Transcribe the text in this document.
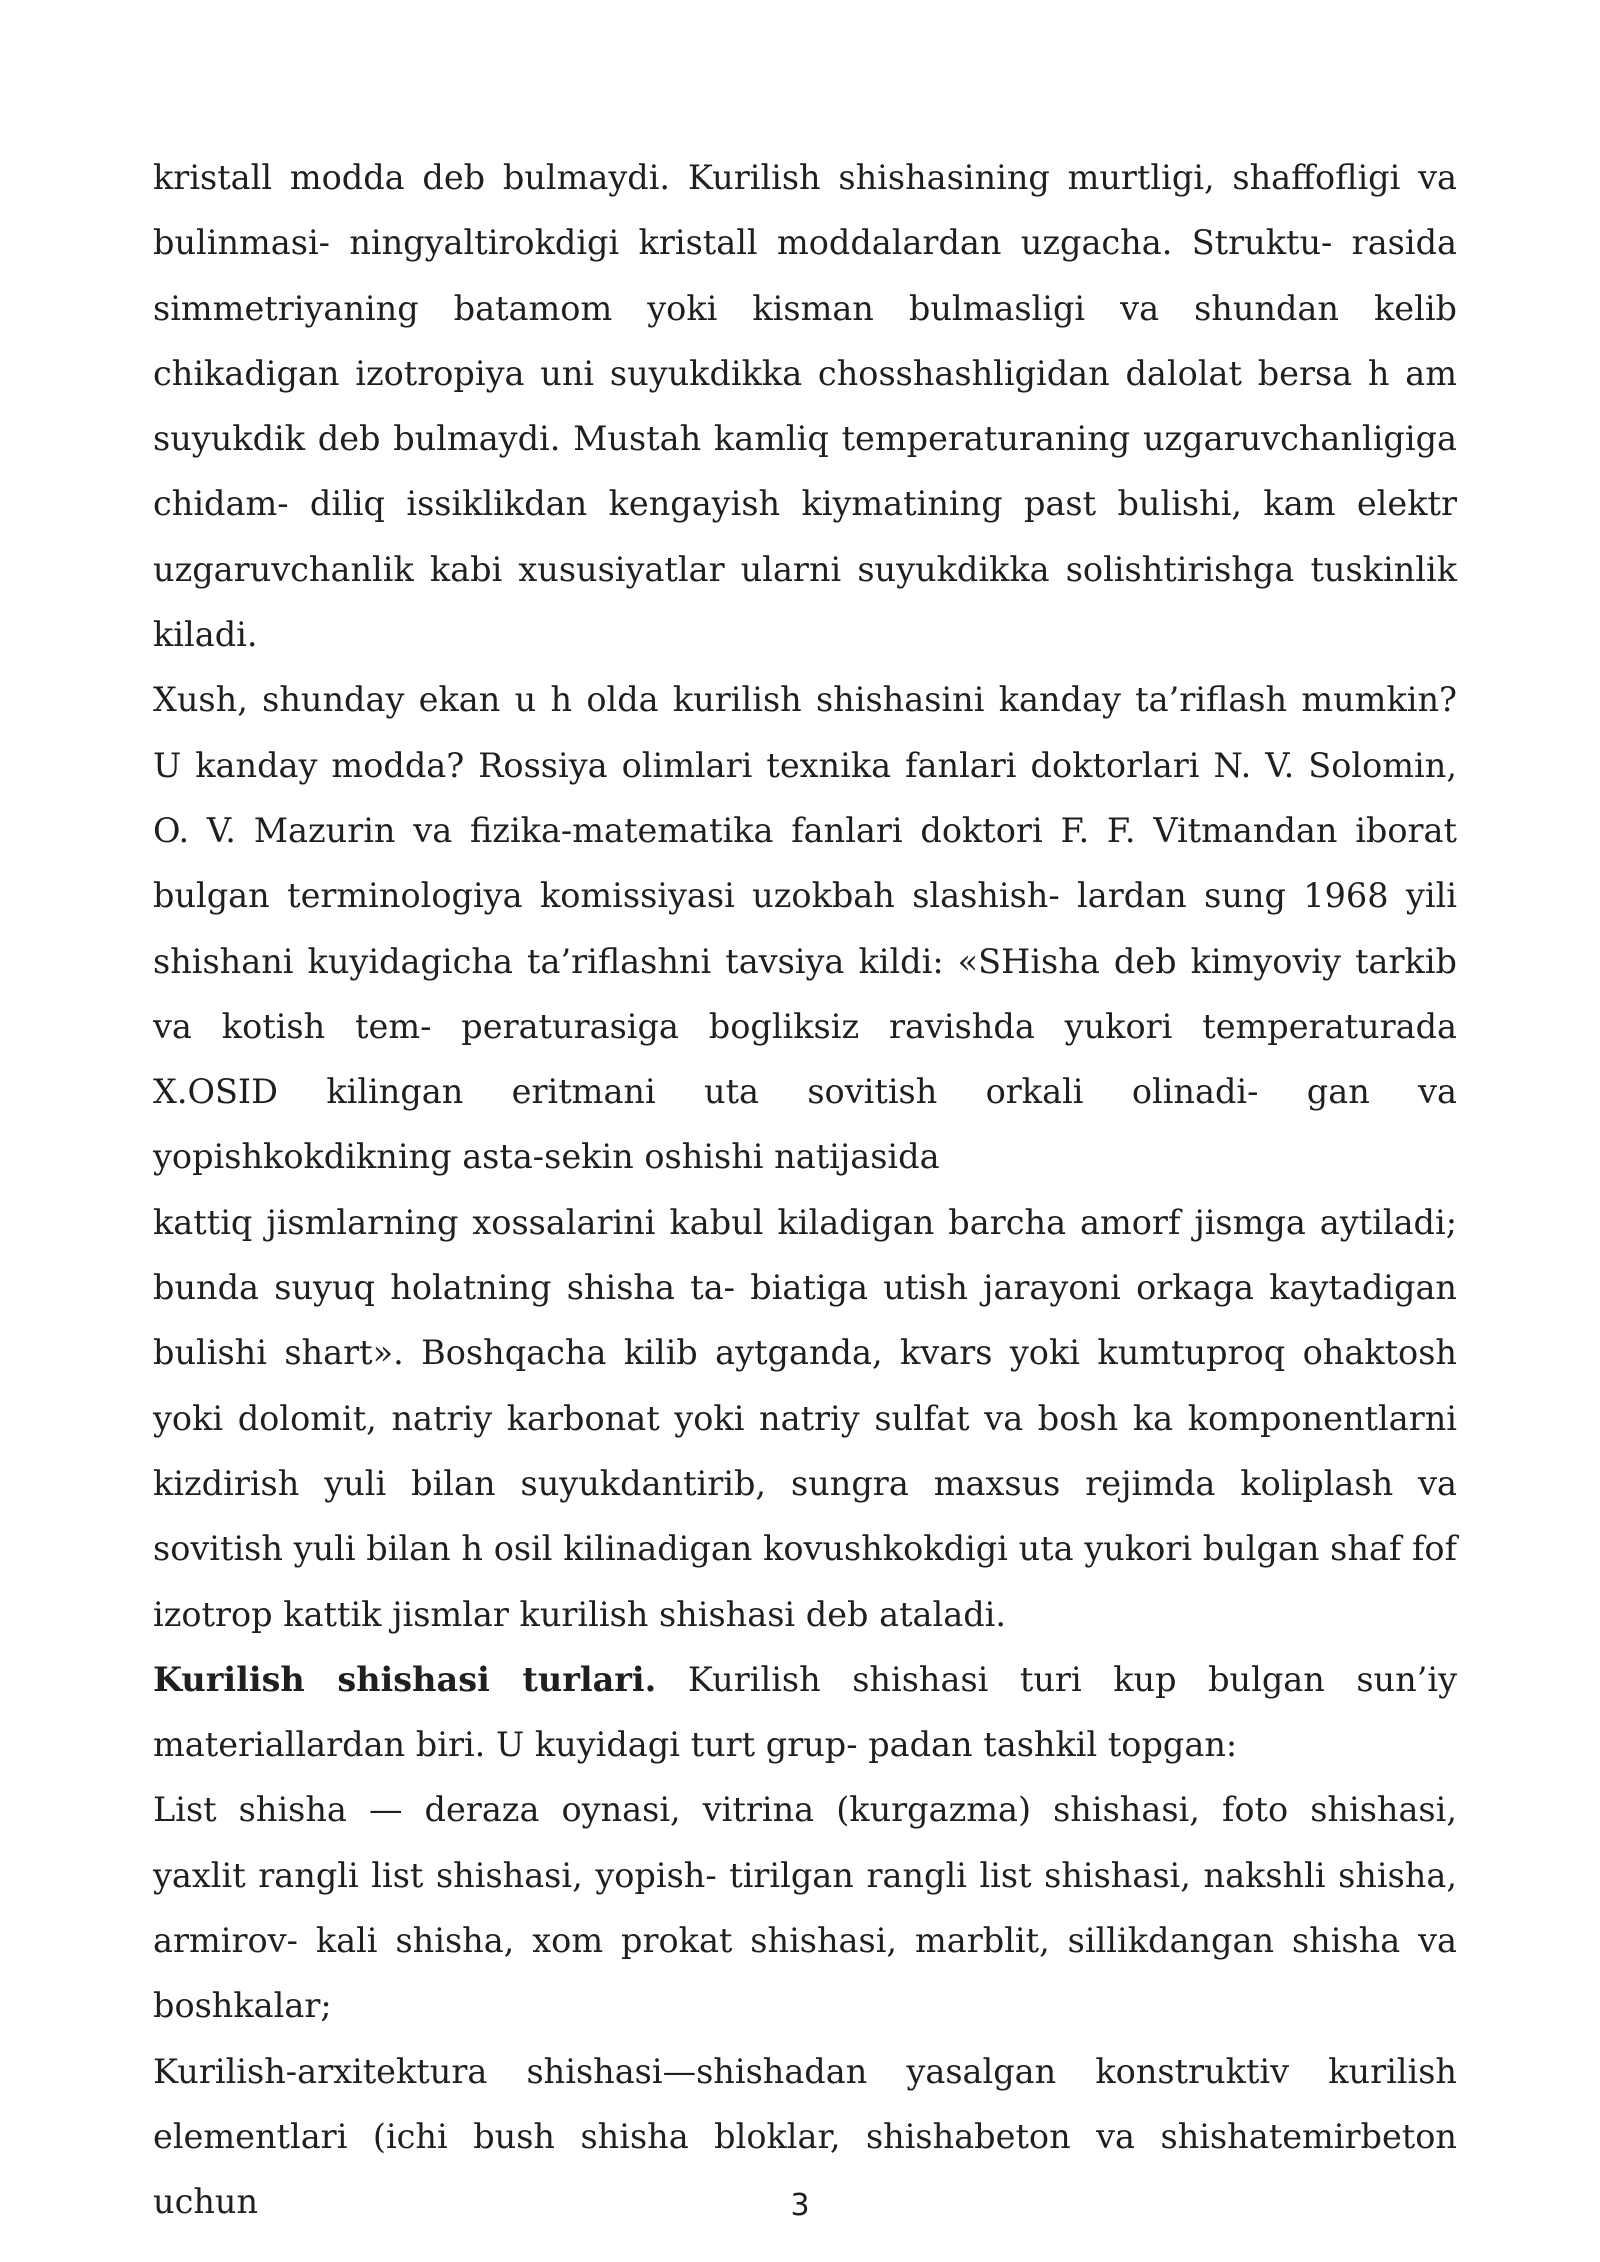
kristall modda deb bulmaydi. Kurilish shishasining murtligi, shaffofligi va bulinmasi- ningyaltirokdigi kristall moddalardan uzgacha. Struktu- rasida simmetriyaning batamom yoki kisman bulmasligi va shundan kelib chikadigan izotropiya uni suyukdikka chosshashligidan dalolat bersa h am suyukdik deb bulmaydi. Mustah kamliq temperaturaning uzgaruvchanligiga chidam- diliq issiklikdan kengayish kiymatining past bulishi, kam elektr uzgaruvchanlik kabi xususiyatlar ularni suyukdikka solishtirishga tuskinlik kiladi.

Xush, shunday ekan u h olda kurilish shishasini kanday ta’riflash mumkin? U kanday modda? Rossiya olimlari texnika fanlari doktorlari N. V. Solomin, O. V. Mazurin va fizika-matematika fanlari doktori F. F. Vitmandan iborat bulgan terminologiya komissiyasi uzokbah slashish- lardan sung 1968 yili shishani kuyidagicha ta’riflashni tavsiya kildi: «SHisha deb kimyoviy tarkib va kotish tem- peraturasiga bogliksiz ravishda yukori temperaturada X.OSID kilingan eritmani uta sovitish orkali olinadi- gan va yopishkokdikning asta-sekin oshishi natijasida

kattiq jismlarning xossalarini kabul kiladigan barcha amorf jismga aytiladi; bunda suyuq holatning shisha ta- biatiga utish jarayoni orkaga kaytadigan bulishi shart». Boshqacha kilib aytganda, kvars yoki kumtuproq ohaktosh yoki dolomit, natriy karbonat yoki natriy sulfat va bosh ka komponentlarni kizdirish yuli bilan suyukdantirib, sungra maxsus rejimda koliplash va sovitish yuli bilan h osil kilinadigan kovushkokdigi uta yukori bulgan shaf fof izotrop kattik jismlar kurilish shishasi deb ataladi.

Kurilish shishasi turlari. Kurilish shishasi turi kup bulgan sun’iy materiallardan biri. U kuyidagi turt grup- padan tashkil topgan:

List shisha — deraza oynasi, vitrina (kurgazma) shishasi, foto shishasi, yaxlit rangli list shishasi, yopish- tirilgan rangli list shishasi, nakshli shisha, armirov- kali shisha, xom prokat shishasi, marblit, sillikdangan shisha va boshkalar;

Kurilish-arxitektura shishasi—shishadan yasalgan konstruktiv kurilish elementlari (ichi bush shisha bloklar, shishabeton va shishatemirbeton uchun	3
